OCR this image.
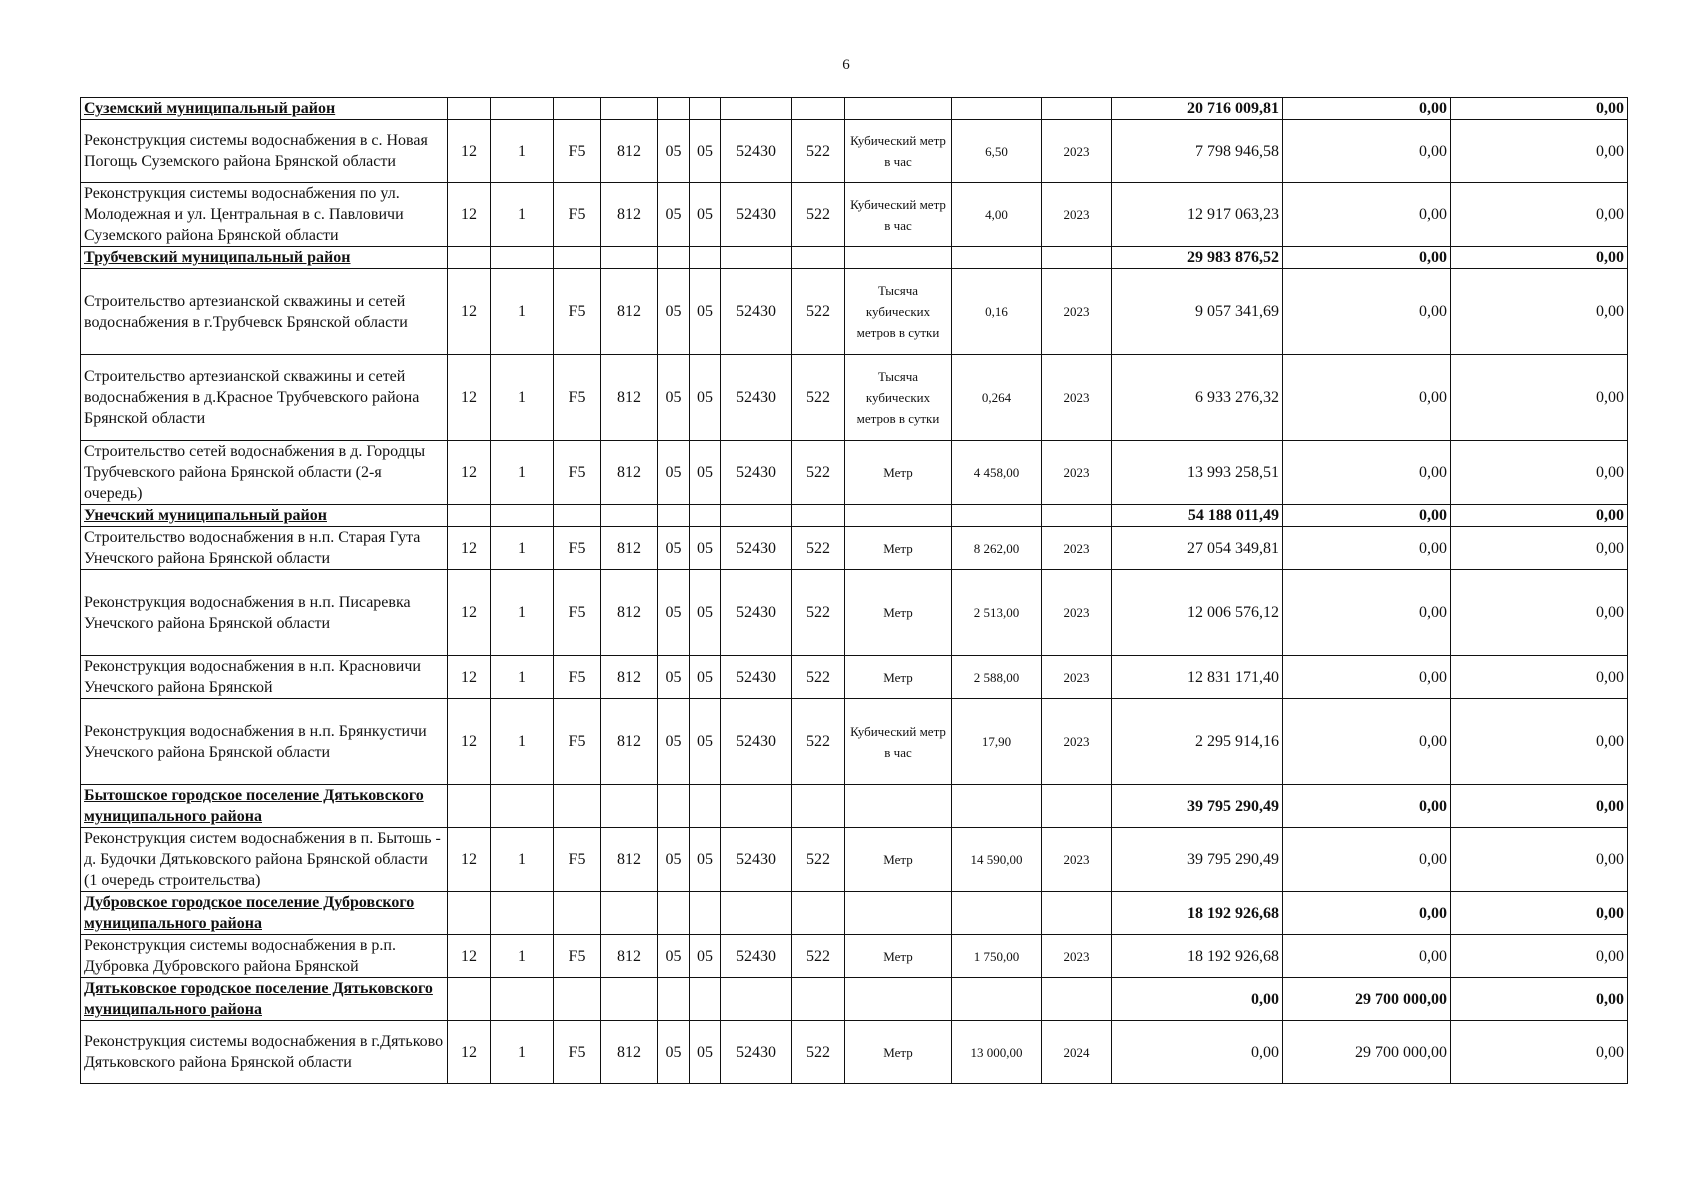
6
Суземский муниципальный район												20 716 009,81	0,00	0,00
Реконструкция системы водоснабжения в с. Новая Погощь Суземского района Брянской области	12	1	F5	812	05	05	52430	522	Кубический метр в час	6,50	2023	7 798 946,58	0,00	0,00
Реконструкция системы водоснабжения по ул. Молодежная и ул. Центральная в с. Павловичи Суземского района Брянской области	12	1	F5	812	05	05	52430	522	Кубический метр в час	4,00	2023	12 917 063,23	0,00	0,00
Трубчевский муниципальный район												29 983 876,52	0,00	0,00
Строительство артезианской скважины и сетей водоснабжения в г.Трубчевск Брянской области	12	1	F5	812	05	05	52430	522	Тысяча кубических метров в сутки	0,16	2023	9 057 341,69	0,00	0,00
Строительство артезианской скважины и сетей водоснабжения в д.Красное Трубчевского района Брянской области	12	1	F5	812	05	05	52430	522	Тысяча кубических метров в сутки	0,264	2023	6 933 276,32	0,00	0,00
Строительство сетей водоснабжения в д. Городцы Трубчевского района Брянской области (2-я очередь)	12	1	F5	812	05	05	52430	522	Метр	4 458,00	2023	13 993 258,51	0,00	0,00
Унечский муниципальный район												54 188 011,49	0,00	0,00
Строительство водоснабжения в н.п. Старая Гута Унечского района Брянской области	12	1	F5	812	05	05	52430	522	Метр	8 262,00	2023	27 054 349,81	0,00	0,00
Реконструкция водоснабжения в н.п. Писаревка Унечского района Брянской области	12	1	F5	812	05	05	52430	522	Метр	2 513,00	2023	12 006 576,12	0,00	0,00
Реконструкция водоснабжения в н.п. Красновичи Унечского района Брянской	12	1	F5	812	05	05	52430	522	Метр	2 588,00	2023	12 831 171,40	0,00	0,00
Реконструкция водоснабжения в н.п. Брянкустичи Унечского района Брянской области	12	1	F5	812	05	05	52430	522	Кубический метр в час	17,90	2023	2 295 914,16	0,00	0,00
Бытошское городское поселение Дятьковского муниципального района												39 795 290,49	0,00	0,00
Реконструкция систем водоснабжения в п. Бытошь - д. Будочки Дятьковского района Брянской области (1 очередь строительства)	12	1	F5	812	05	05	52430	522	Метр	14 590,00	2023	39 795 290,49	0,00	0,00
Дубровское городское поселение Дубровского муниципального района												18 192 926,68	0,00	0,00
Реконструкция системы водоснабжения в р.п. Дубровка Дубровского района Брянской	12	1	F5	812	05	05	52430	522	Метр	1 750,00	2023	18 192 926,68	0,00	0,00
Дятьковское городское поселение Дятьковского муниципального района												0,00	29 700 000,00	0,00
Реконструкция системы водоснабжения в г.Дятьково Дятьковского района Брянской области	12	1	F5	812	05	05	52430	522	Метр	13 000,00	2024	0,00	29 700 000,00	0,00
